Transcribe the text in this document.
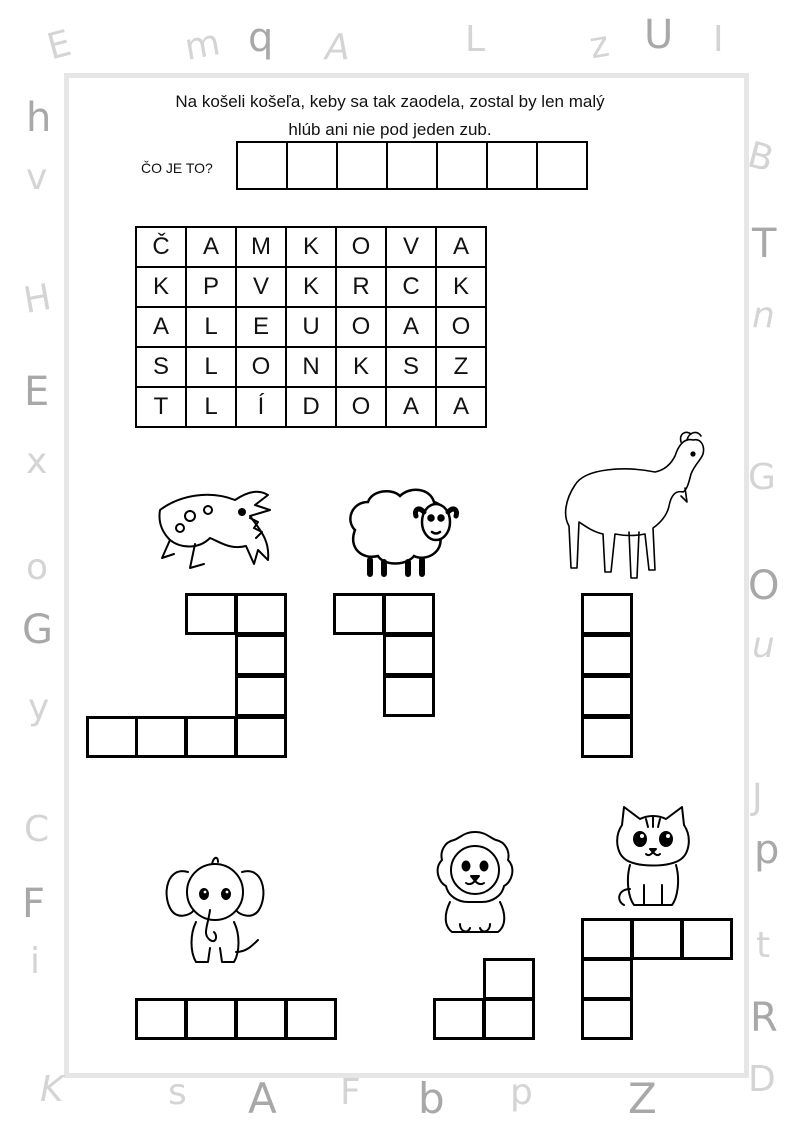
E	m q A	L	z U I
h
v	B
T
H	n
E
x	G
o	O
G	u
y
J
C	p
F
t
i
R
K	s A F b p Z	D
Na košeli košeľa, keby sa tak zaodela, zostal by len malý
hlúb ani nie pod jeden zub.
ČO JE TO?
Č	A	M	K	O	V	A
K	P	V	K	R	C	K
A	L	E	U	O	A	O
S	L	O	N	K	S	Z
T	L	Í	D	O	A	A
